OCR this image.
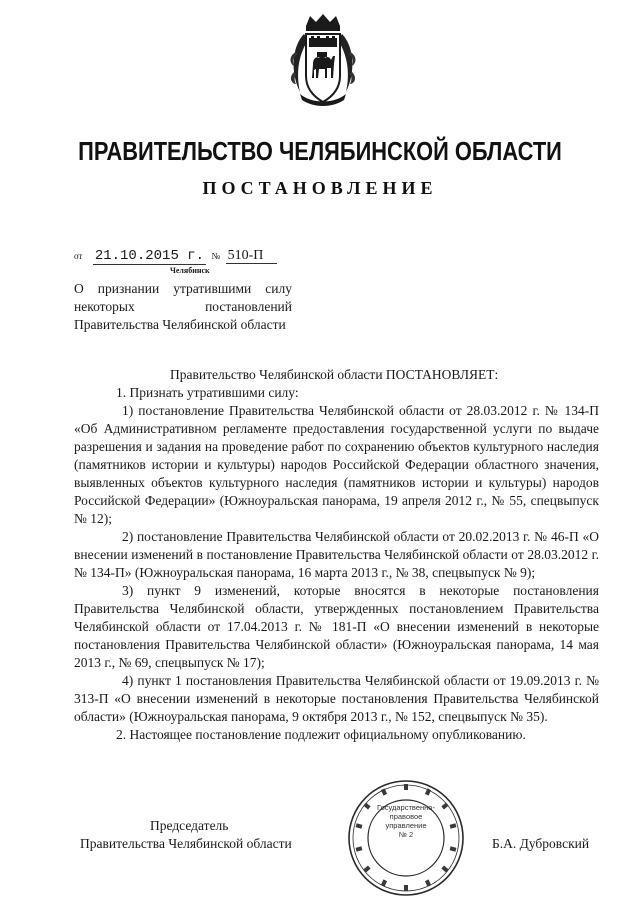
ПРАВИТЕЛЬСТВО ЧЕЛЯБИНСКОЙ ОБЛАСТИ
ПОСТАНОВЛЕНИЕ
от 21.10.2015 г. № 510-П
Челябинск
О признании утратившими силу некоторых постановлений Правительства Челябинской области

Правительство Челябинской области ПОСТАНОВЛЯЕТ:

1. Признать утратившими силу:

1) постановление Правительства Челябинской области от 28.03.2012 г. № 134-П «Об Административном регламенте предоставления государственной услуги по выдаче разрешения и задания на проведение работ по сохранению объектов культурного наследия (памятников истории и культуры) народов Российской Федерации областного значения, выявленных объектов культурного наследия (памятников истории и культуры) народов Российской Федерации» (Южноуральская панорама, 19 апреля 2012 г., № 55, спецвыпуск № 12);

2) постановление Правительства Челябинской области от 20.02.2013 г. № 46-П «О внесении изменений в постановление Правительства Челябинской области от 28.03.2012 г. № 134-П» (Южноуральская панорама, 16 марта 2013 г., № 38, спецвыпуск № 9);

3) пункт 9 изменений, которые вносятся в некоторые постановления Правительства Челябинской области, утвержденных постановлением Правительства Челябинской области от 17.04.2013 г. № 181-П «О внесении изменений в некоторые постановления Правительства Челябинской области» (Южноуральская панорама, 14 мая 2013 г., № 69, спецвыпуск № 17);

4) пункт 1 постановления Правительства Челябинской области от 19.09.2013 г. № 313-П «О внесении изменений в некоторые постановления Правительства Челябинской области» (Южноуральская панорама, 9 октября 2013 г., № 152, спецвыпуск № 35).

2. Настоящее постановление подлежит официальному опубликованию.

Государственно-
правовое
управление
№ 2
Председатель
Правительства Челябинской области	Б.А. Дубровский
